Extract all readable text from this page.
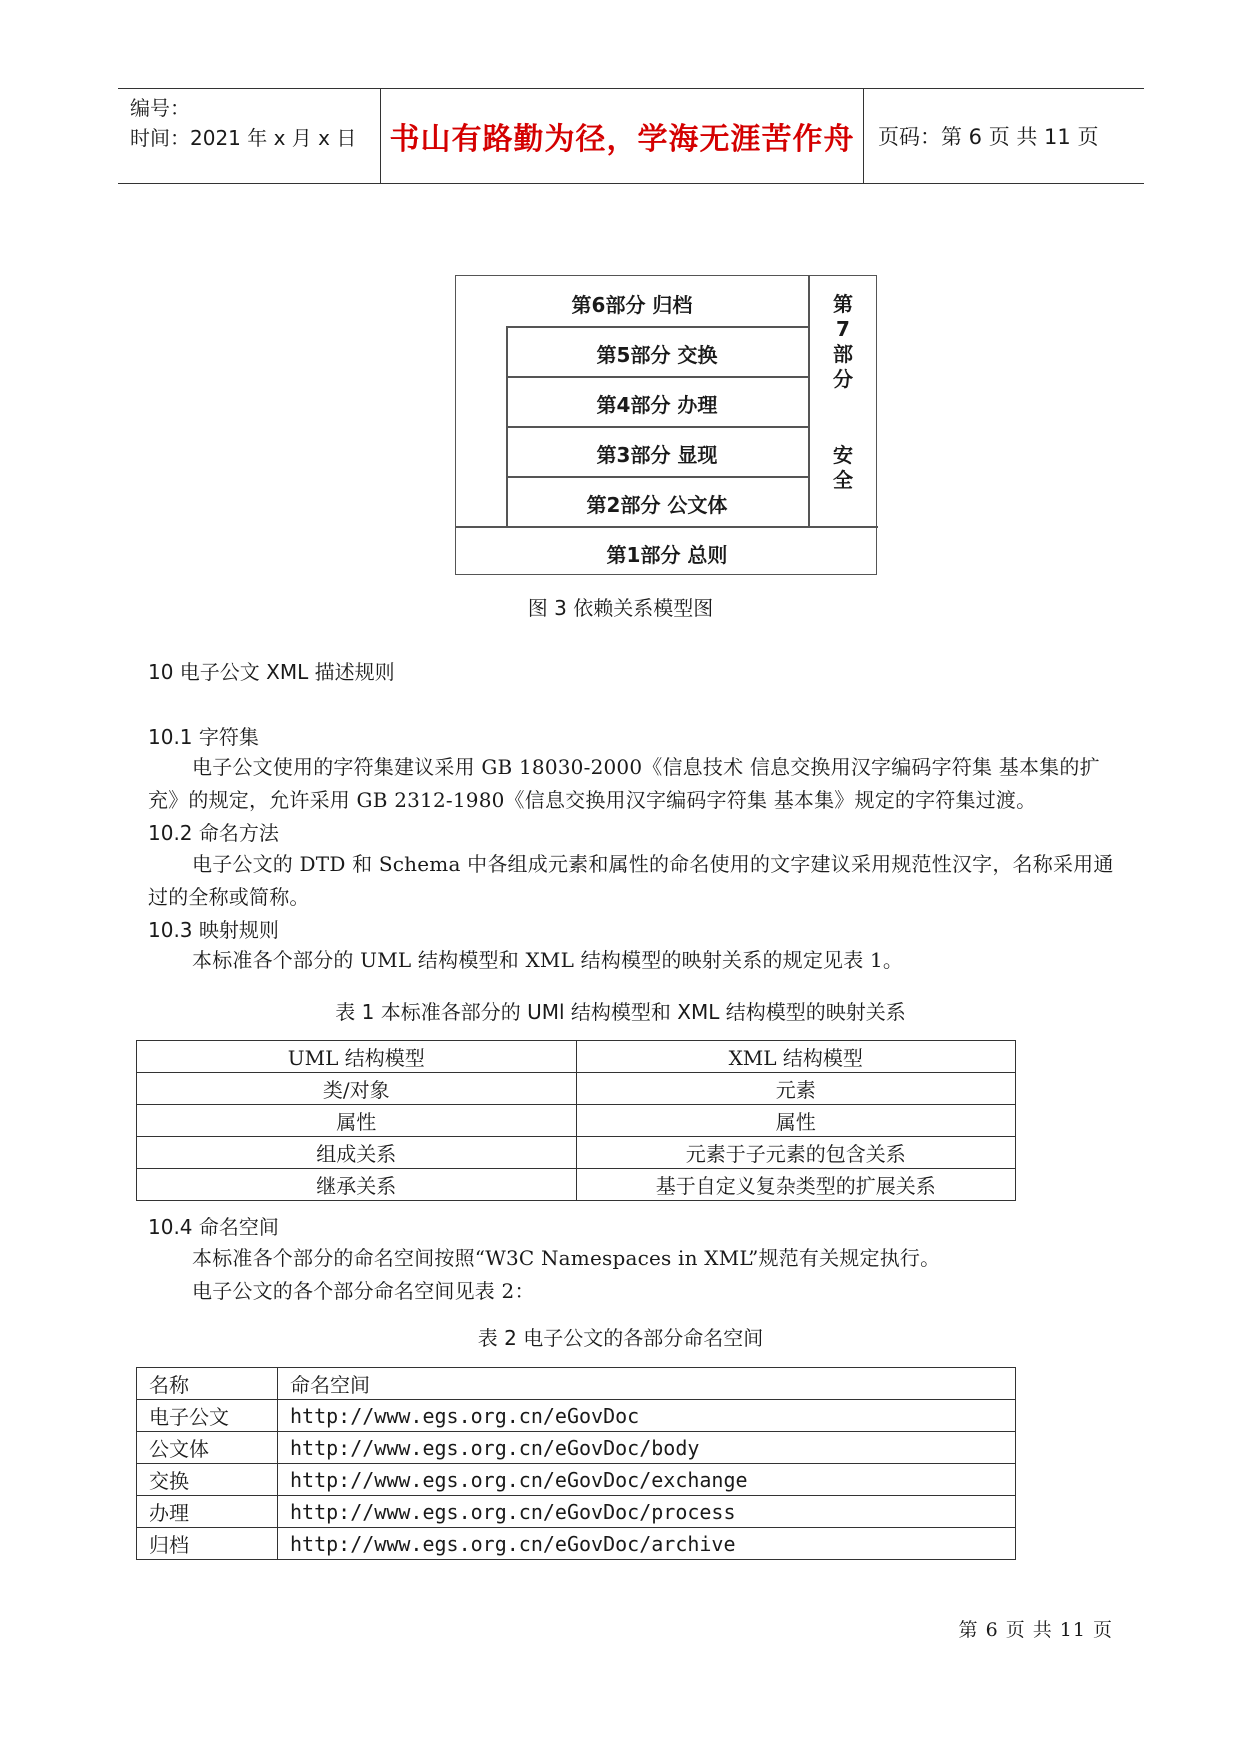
编号：
时间：2021 年 x 月 x 日	书山有路勤为径，学海无涯苦作舟 页码：第 6 页 共 11 页
第6部分 归档
第5部分 交换
第4部分 办理
第3部分 显现
第2部分 公文体
第1部分 总则
第
7
部
分
安
全
图 3 依赖关系模型图
10 电子公文 XML 描述规则
10.1 字符集
电子公文使用的字符集建议采用 GB 18030-2000《信息技术 信息交换用汉字编码字符集 基本集的扩充》的规定，允许采用 GB 2312-1980《信息交换用汉字编码字符集 基本集》规定的字符集过渡。
10.2 命名方法
电子公文的 DTD 和 Schema 中各组成元素和属性的命名使用的文字建议采用规范性汉字，名称采用通过的全称或简称。
10.3 映射规则
本标准各个部分的 UML 结构模型和 XML 结构模型的映射关系的规定见表 1。
表 1 本标准各部分的 UMl 结构模型和 XML 结构模型的映射关系
UML 结构模型	XML 结构模型
类/对象	元素
属性	属性
组成关系	元素于子元素的包含关系
继承关系	基于自定义复杂类型的扩展关系
10.4 命名空间
本标准各个部分的命名空间按照“W3C Namespaces in XML”规范有关规定执行。
电子公文的各个部分命名空间见表 2：
表 2 电子公文的各部分命名空间
名称	命名空间
电子公文	http://www.egs.org.cn/eGovDoc
公文体	http://www.egs.org.cn/eGovDoc/body
交换	http://www.egs.org.cn/eGovDoc/exchange
办理	http://www.egs.org.cn/eGovDoc/process
归档	http://www.egs.org.cn/eGovDoc/archive
第 6 页 共 11 页
